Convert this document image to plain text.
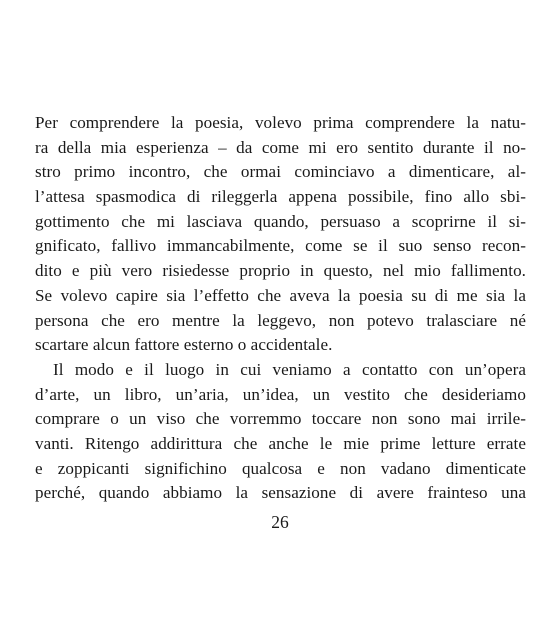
Per comprendere la poesia, volevo prima comprendere la natu-
ra della mia esperienza – da come mi ero sentito durante il no-
stro primo incontro, che ormai cominciavo a dimenticare, al-
l’attesa spasmodica di rileggerla appena possibile, fino allo sbi-
gottimento che mi lasciava quando, persuaso a scoprirne il si-
gnificato, fallivo immancabilmente, come se il suo senso recon-
dito e più vero risiedesse proprio in questo, nel mio fallimento.
Se volevo capire sia l’effetto che aveva la poesia su di me sia la
persona che ero mentre la leggevo, non potevo tralasciare né
scartare alcun fattore esterno o accidentale.
Il modo e il luogo in cui veniamo a contatto con un’opera
d’arte, un libro, un’aria, un’idea, un vestito che desideriamo
comprare o un viso che vorremmo toccare non sono mai irrile-
vanti. Ritengo addirittura che anche le mie prime letture errate
e zoppicanti significhino qualcosa e non vadano dimenticate
perché, quando abbiamo la sensazione di avere frainteso una
26
